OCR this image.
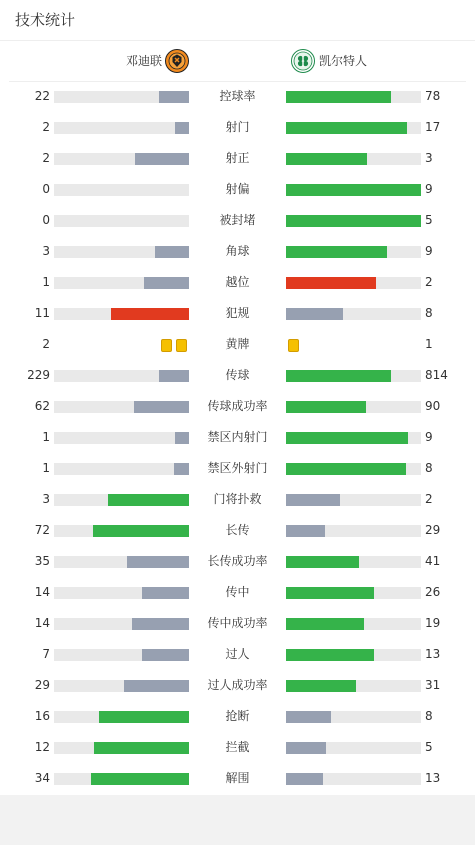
技术统计
邓迪联	凯尔特人
22	控球率	78
2	射门	17
2	射正	3
0	射偏	9
0	被封堵	5
3	角球	9
1	越位	2
11	犯规	8
2	黄牌	1
229	传球	814
62	传球成功率	90
1	禁区内射门	9
1	禁区外射门	8
3	门将扑救	2
72	长传	29
35	长传成功率	41
14	传中	26
14	传中成功率	19
7	过人	13
29	过人成功率	31
16	抢断	8
12	拦截	5
34	解围	13
